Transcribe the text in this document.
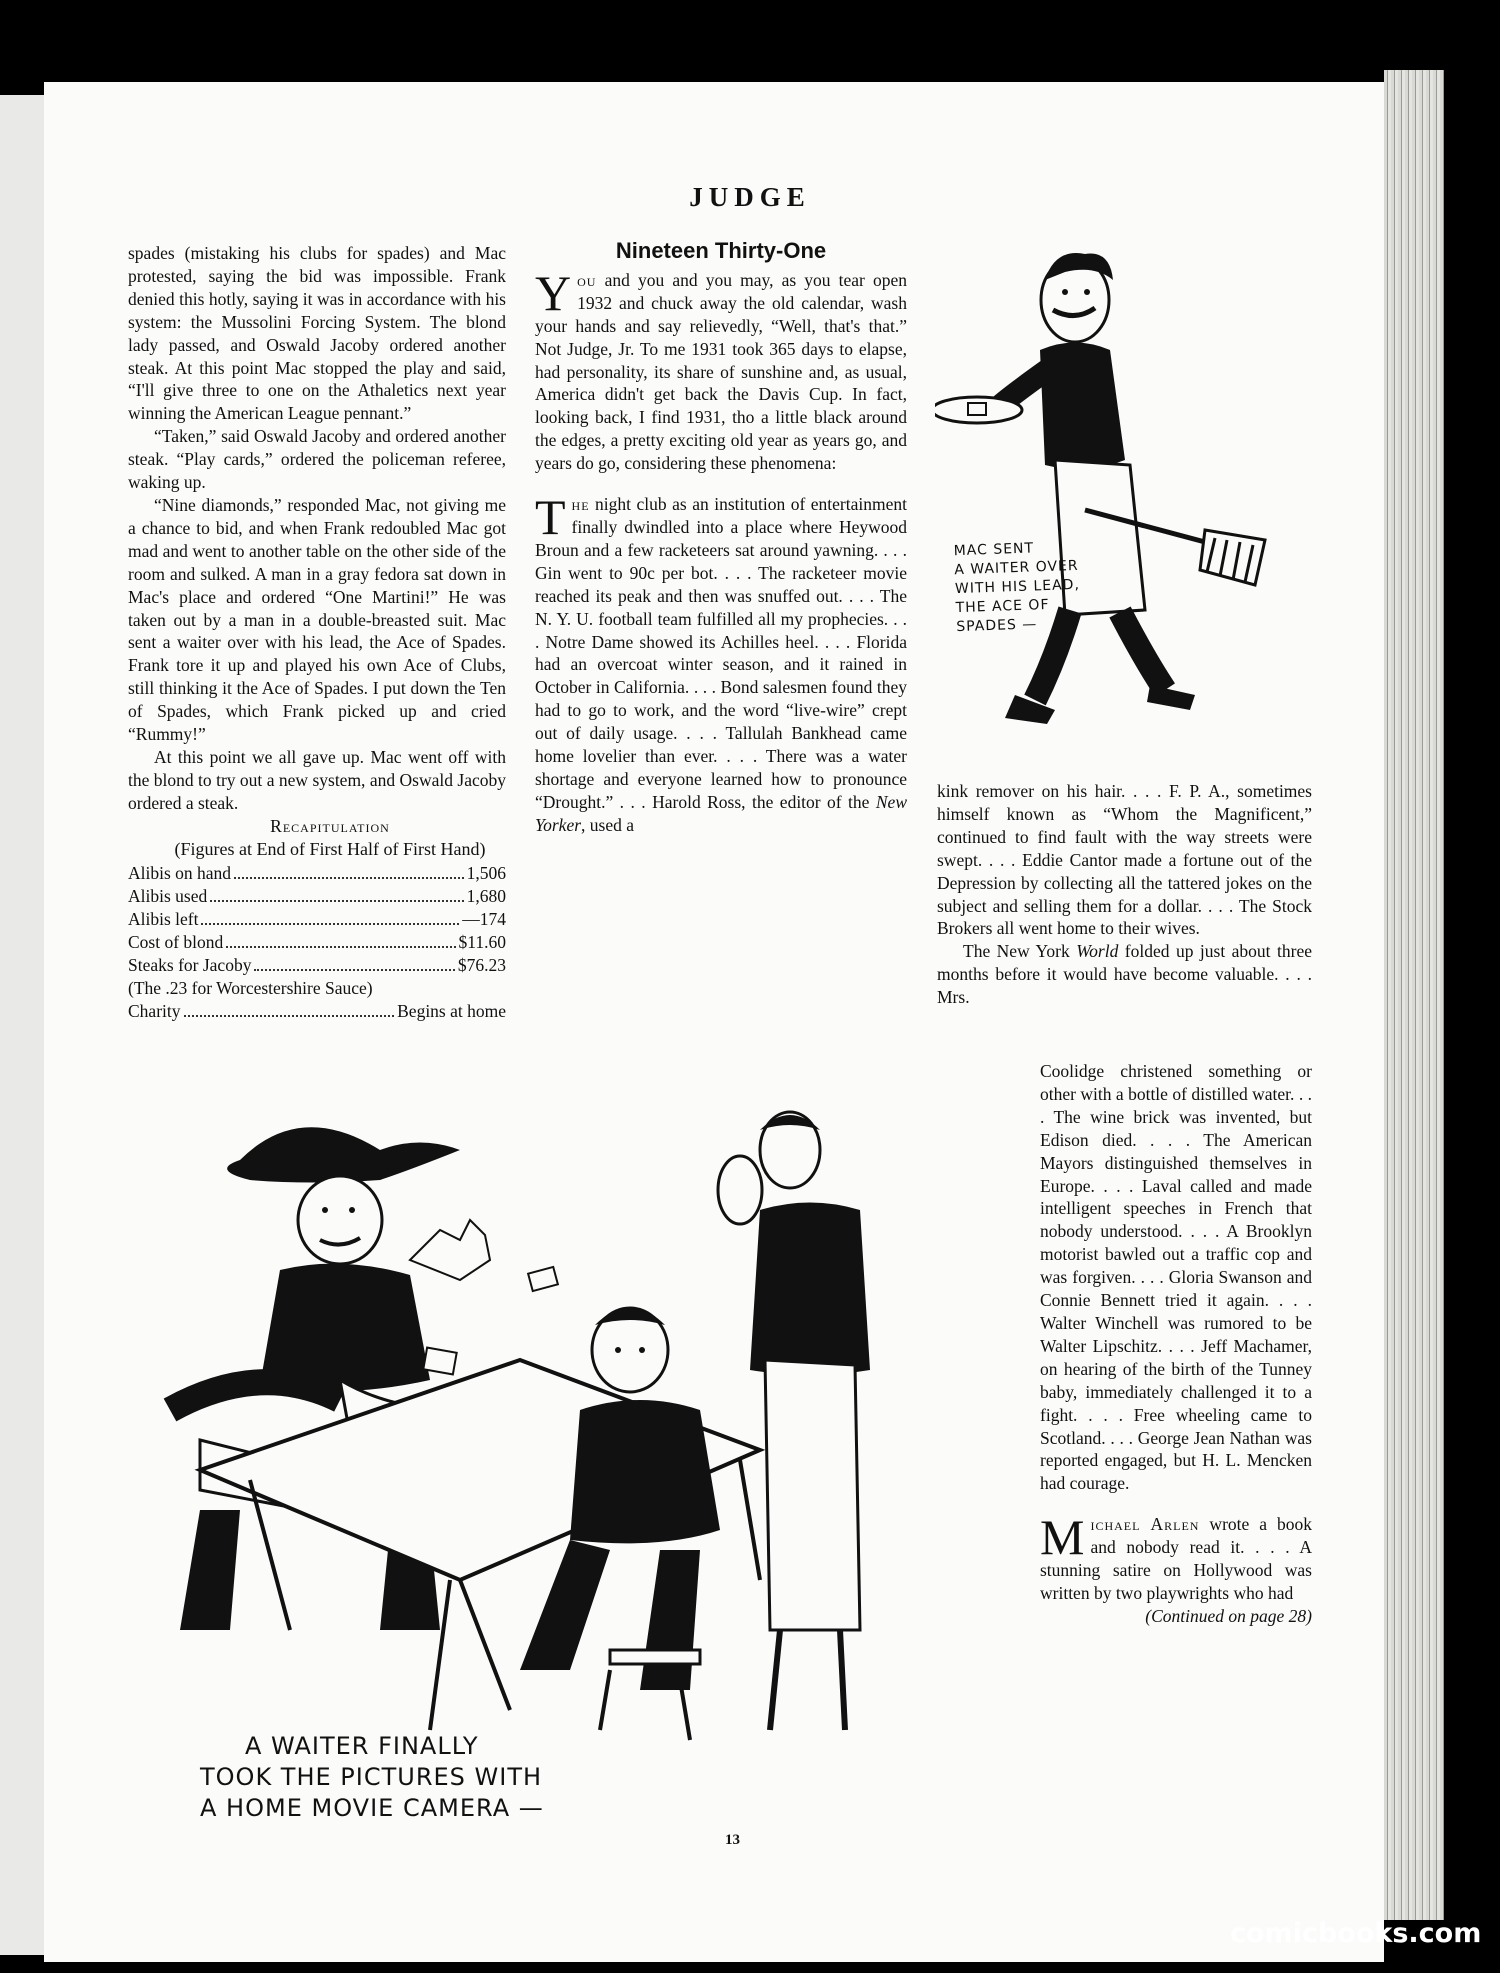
JUDGE

spades (mistaking his clubs for spades) and Mac protested, saying the bid was impossible. Frank denied this hotly, saying it was in accordance with his system: the Mussolini Forcing System. The blond lady passed, and Oswald Jacoby ordered another steak. At this point Mac stopped the play and said, “I'll give three to one on the Athaletics next year winning the American League pennant.”

“Taken,” said Oswald Jacoby and ordered another steak. “Play cards,” ordered the policeman referee, waking up.

“Nine diamonds,” responded Mac, not giving me a chance to bid, and when Frank redoubled Mac got mad and went to another table on the other side of the room and sulked. A man in a gray fedora sat down in Mac's place and ordered “One Martini!” He was taken out by a man in a double-breasted suit. Mac sent a waiter over with his lead, the Ace of Spades. Frank tore it up and played his own Ace of Clubs, still thinking it the Ace of Spades. I put down the Ten of Spades, which Frank picked up and cried “Rummy!”

At this point we all gave up. Mac went off with the blond to try out a new system, and Oswald Jacoby ordered a steak.

Recapitulation

(Figures at End of First Half of First Hand)

Alibis on hand	1,506
Alibis used	1,680
Alibis left	—174
Cost of blond	$11.60
Steaks for Jacoby	$76.23
(The .23 for Worcestershire Sauce)
Charity	Begins at home
Nineteen Thirty-One

You and you and you may, as you tear open 1932 and chuck away the old calendar, wash your hands and say relievedly, “Well, that's that.” Not Judge, Jr. To me 1931 took 365 days to elapse, had personality, its share of sunshine and, as usual, America didn't get back the Davis Cup. In fact, looking back, I find 1931, tho a little black around the edges, a pretty exciting old year as years go, and years do go, considering these phenomena:

The night club as an institution of entertainment finally dwindled into a place where Heywood Broun and a few racketeers sat around yawning. . . . Gin went to 90c per bot. . . . The racketeer movie reached its peak and then was snuffed out. . . . The N. Y. U. football team fulfilled all my prophecies. . . . Notre Dame showed its Achilles heel. . . . Florida had an overcoat winter season, and it rained in October in California. . . . Bond salesmen found they had to go to work, and the word “live-wire” crept out of daily usage. . . . Tallulah Bankhead came home lovelier than ever. . . . There was a water shortage and everyone learned how to pronounce “Drought.” . . . Harold Ross, the editor of the New Yorker, used a

kink remover on his hair. . . . F. P. A., sometimes himself known as “Whom the Magnificent,” continued to find fault with the way streets were swept. . . . Eddie Cantor made a fortune out of the Depression by collecting all the tattered jokes on the subject and selling them for a dollar. . . . The Stock Brokers all went home to their wives.

The New York World folded up just about three months before it would have become valuable. . . . Mrs.

Coolidge christened something or other with a bottle of distilled water. . . . The wine brick was invented, but Edison died. . . . The American Mayors distinguished themselves in Europe. . . . Laval called and made intelligent speeches in French that nobody understood. . . . A Brooklyn motorist bawled out a traffic cop and was forgiven. . . . Gloria Swanson and Connie Bennett tried it again. . . . Walter Winchell was rumored to be Walter Lipschitz. . . . Jeff Machamer, on hearing of the birth of the Tunney baby, immediately challenged it to a fight. . . . Free wheeling came to Scotland. . . . George Jean Nathan was reported engaged, but H. L. Mencken had courage.

Michael Arlen wrote a book and nobody read it. . . . A stunning satire on Hollywood was written by two playwrights who had

(Continued on page 28)
MAC SENT
A WAITER OVER
WITH HIS LEAD,
THE ACE OF
SPADES —
A WAITER FINALLY
TOOK THE PICTURES WITH
A HOME MOVIE CAMERA —
13
comicbooks.com
